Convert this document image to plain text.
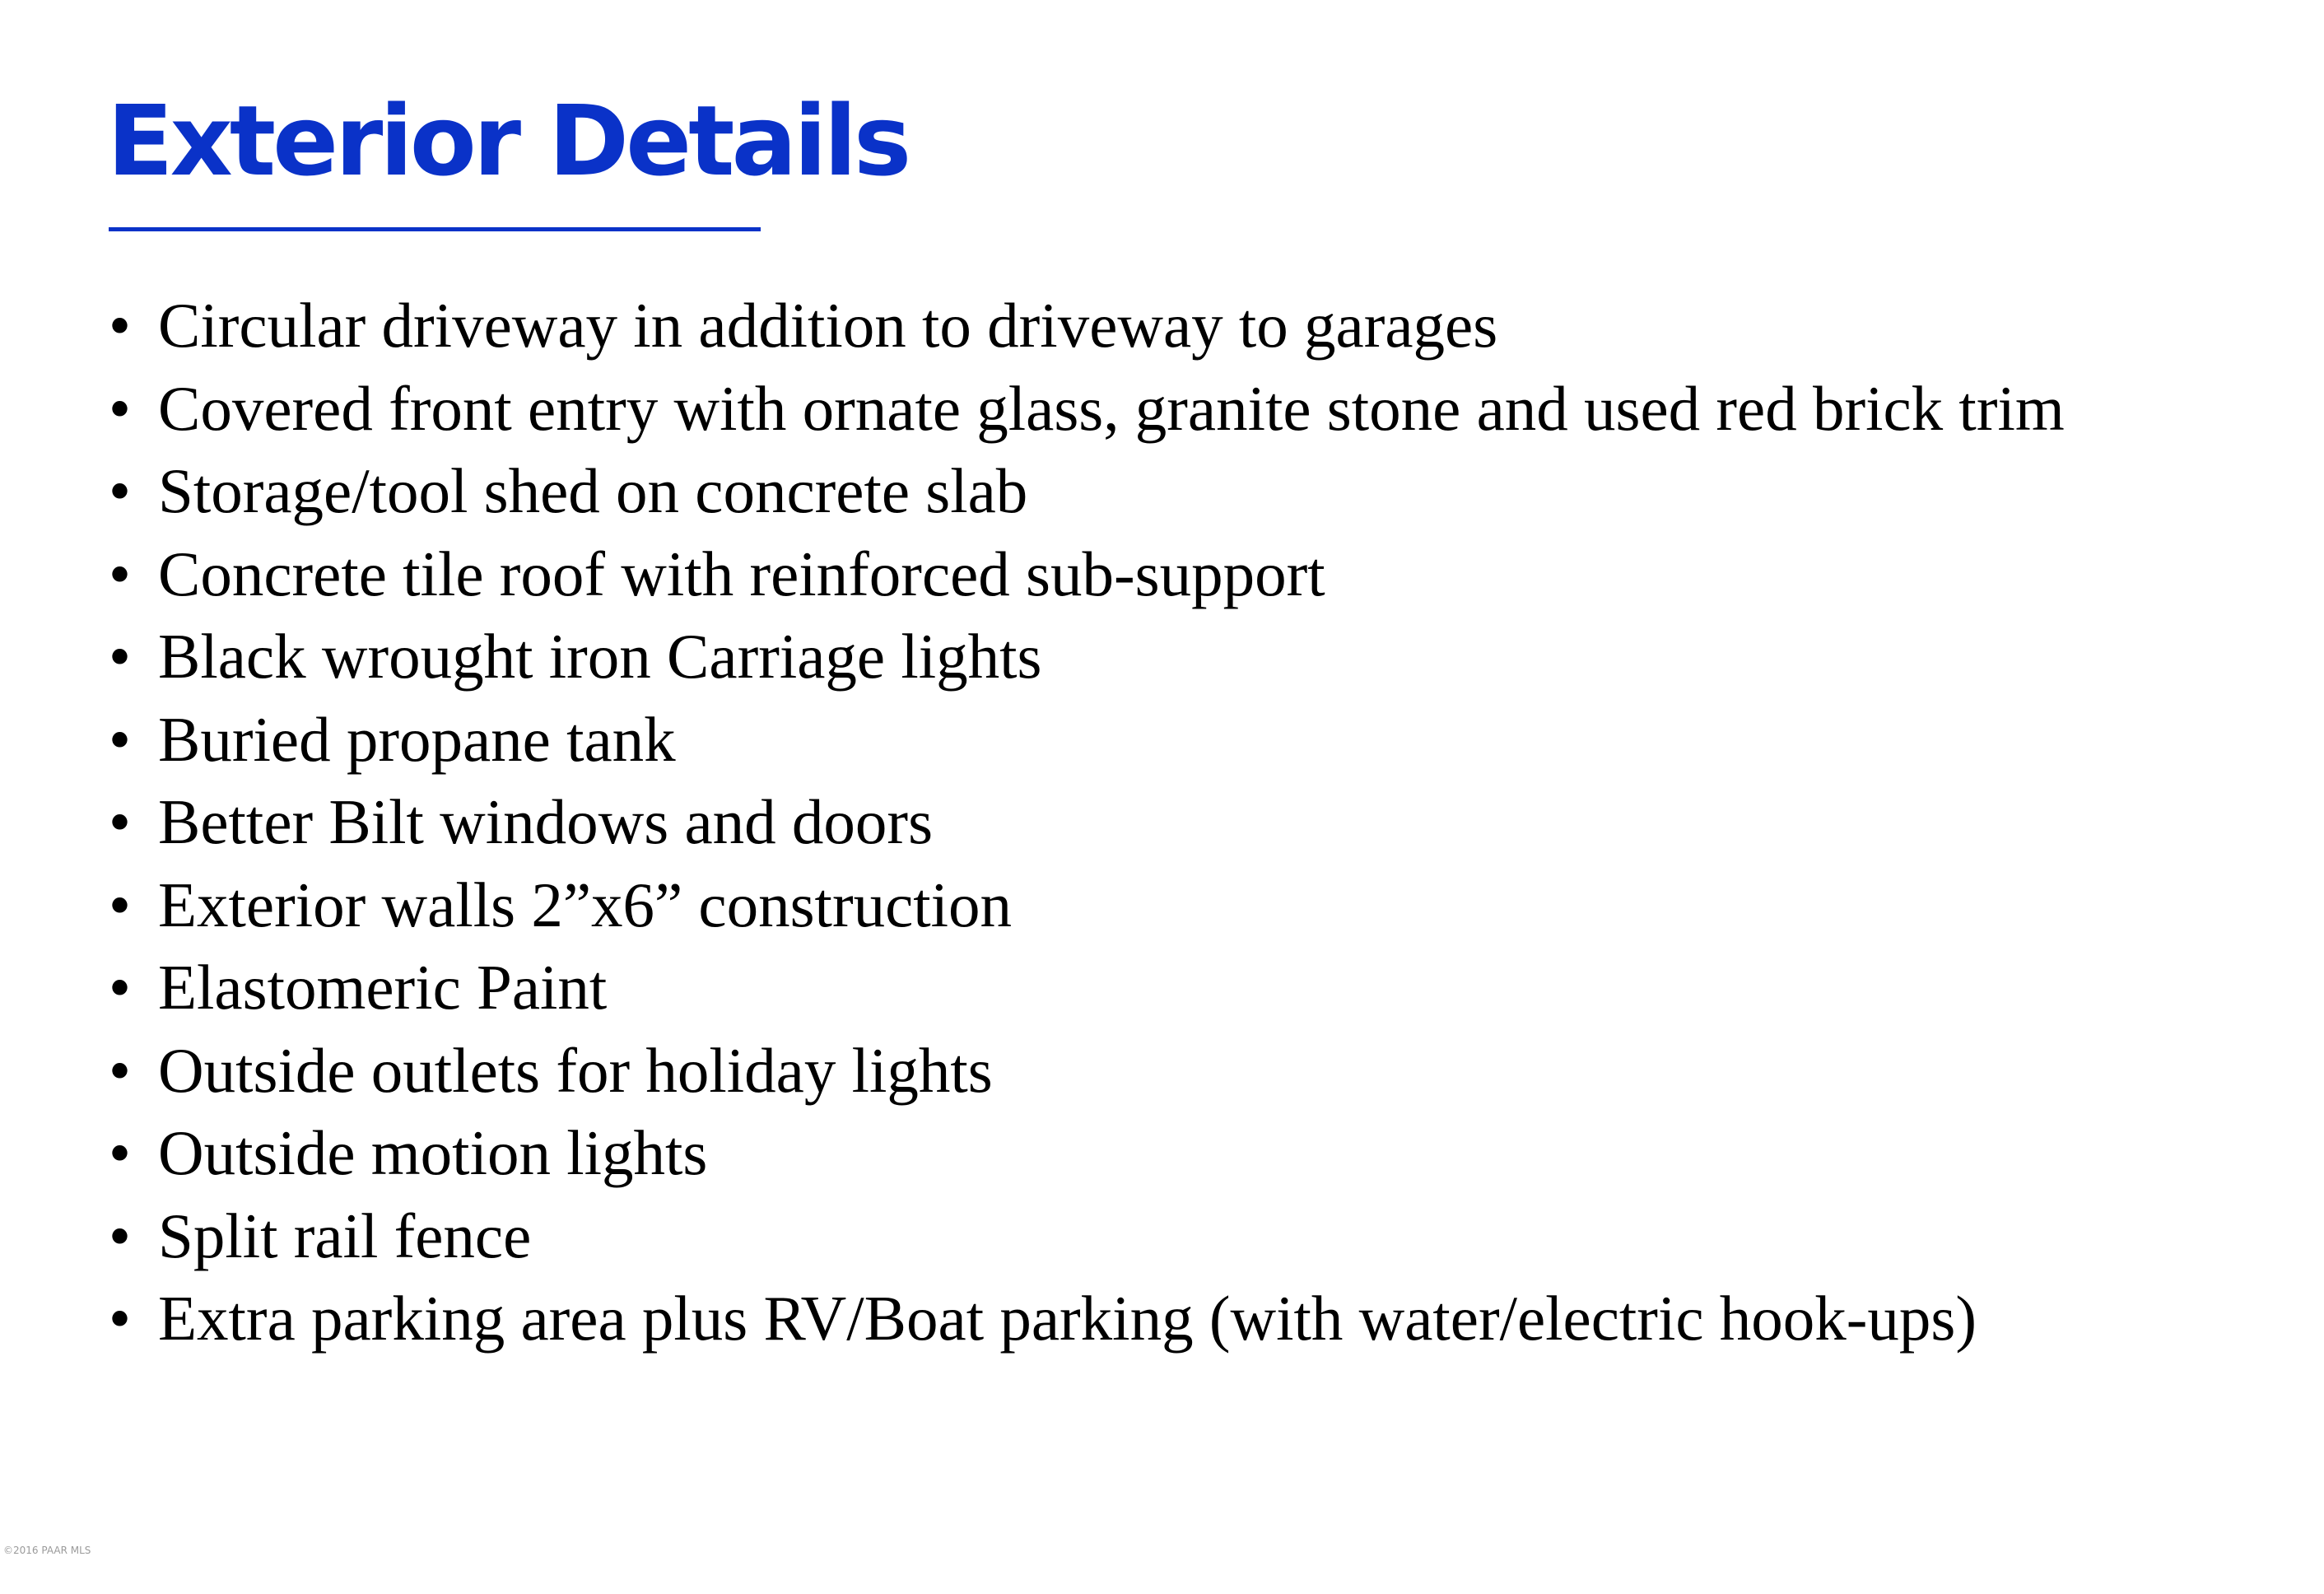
Exterior Details
• Circular driveway in addition to driveway to garages
• Covered front entry with ornate glass, granite stone and used red brick trim
• Storage/tool shed on concrete slab
• Concrete tile roof with reinforced sub-support
• Black wrought iron Carriage lights
• Buried propane tank
• Better Bilt windows and doors
• Exterior walls 2”x6” construction
• Elastomeric Paint
• Outside outlets for holiday lights
• Outside motion lights
• Split rail fence
• Extra parking area plus RV/Boat parking (with water/electric hook-ups)
©2016 PAAR MLS
